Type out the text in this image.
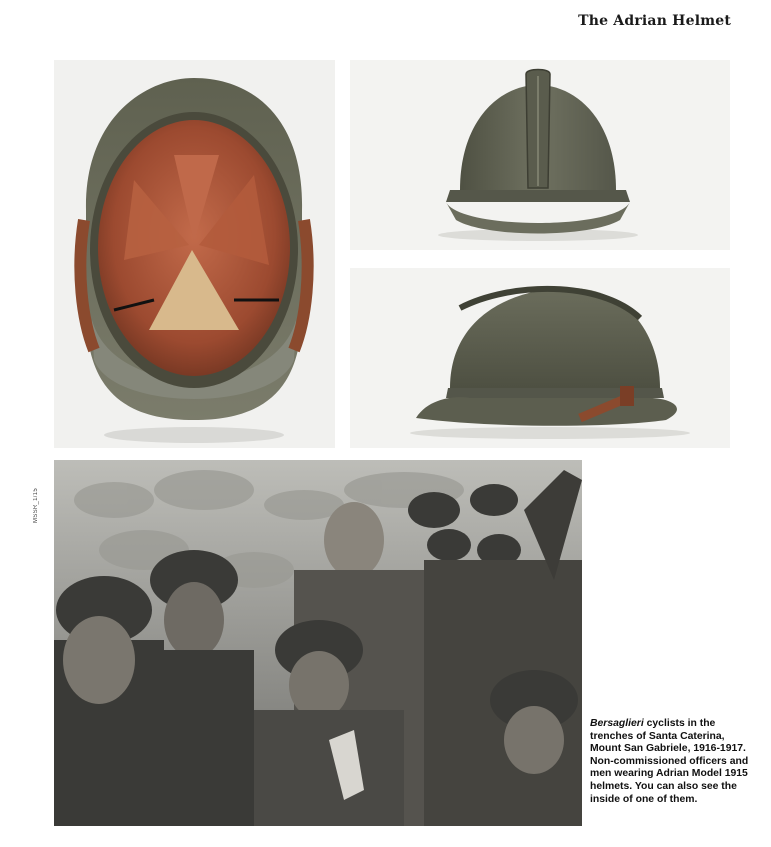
The Adrian Helmet
MSSR_1/15
Bersaglieri cyclists in the trenches of Santa Caterina, Mount San Gabriele, 1916-1917. Non-commissioned officers and men wearing Adrian Model 1915 helmets. You can also see the inside of one of them.
